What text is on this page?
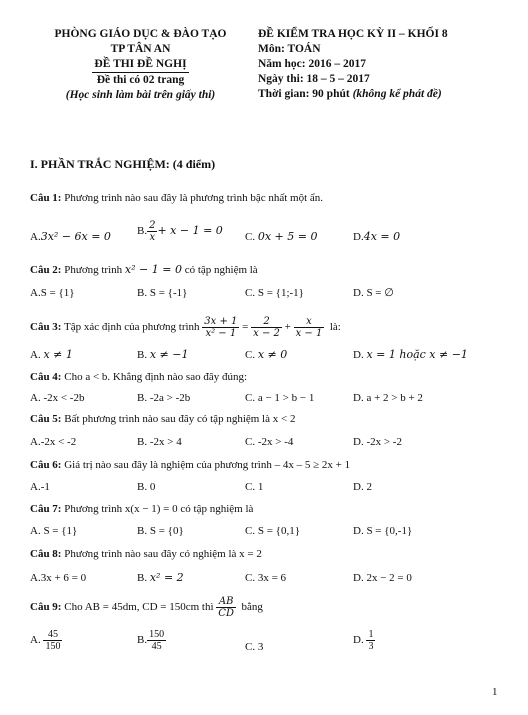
PHÒNG GIÁO DỤC & ĐÀO TẠO
TP TÂN AN
ĐỀ THI ĐỀ NGHỊ
Đề thi có 02 trang
(Học sinh làm bài trên giấy thi)
ĐỀ KIỂM TRA HỌC KỲ II – KHỐI 8
Môn: TOÁN
Năm học: 2016 – 2017
Ngày thi: 18 – 5 – 2017
Thời gian: 90 phút (không kể phát đề)
I. PHẦN TRẮC NGHIỆM: (4 điểm)
Câu 1: Phương trình nào sau đây là phương trình bậc nhất một ẩn.
A.3x² − 6x = 0 B. $\frac{2}{x} + x - 1 = 0$ C. 0x + 5 = 0	D.4x = 0
Câu 2: Phương trình x² − 1 = 0 có tập nghiệm là
A.S = {1}	B. S = {-1}	C. S = {1;-1}	D. S = ∅
Câu 3: Tập xác định của phương trình $\frac{3x + 1}{\text{x² − 1}} = \frac{2}{x - 2} + \frac{x}{x - 1}$ là:
A. x ≠ 1	B. x ≠ −1	C. x ≠ 0	D. x = 1 hoặc x ≠ −1
Câu 4: Cho a < b. Khẳng định nào sao đây đúng:
A. -2x < -2b	B. -2a > -2b	C. a − 1 > b − 1	D. a + 2 > b + 2
Câu 5: Bất phương trình nào sau đây có tập nghiệm là x < 2
A.-2x < -2	B. -2x > 4	C. -2x > -4	D. -2x > -2
Câu 6: Giá trị nào sau đây là nghiệm của phương trình – 4x – 5 ≥ 2x + 1
A.-1	B. 0	C. 1	D. 2
Câu 7: Phương trình x(x − 1) = 0 có tập nghiệm là
A. S = {1}	B. S = {0}	C. S = {0,1}	D. S = {0,-1}
Câu 8: Phương trình nào sau đây có nghiệm là x = 2
A.3x + 6 = 0	B. x² = 2	C. 3x = 6	D. 2x − 2 = 0
Câu 9: Cho AB = 45dm, CD = 150cm thì $\frac{AB}{CD}$ bằng
A. $\frac{45}{150}$	B. $\frac{150}{45}$	C. 3
D. $\frac{1}{3}$
1
